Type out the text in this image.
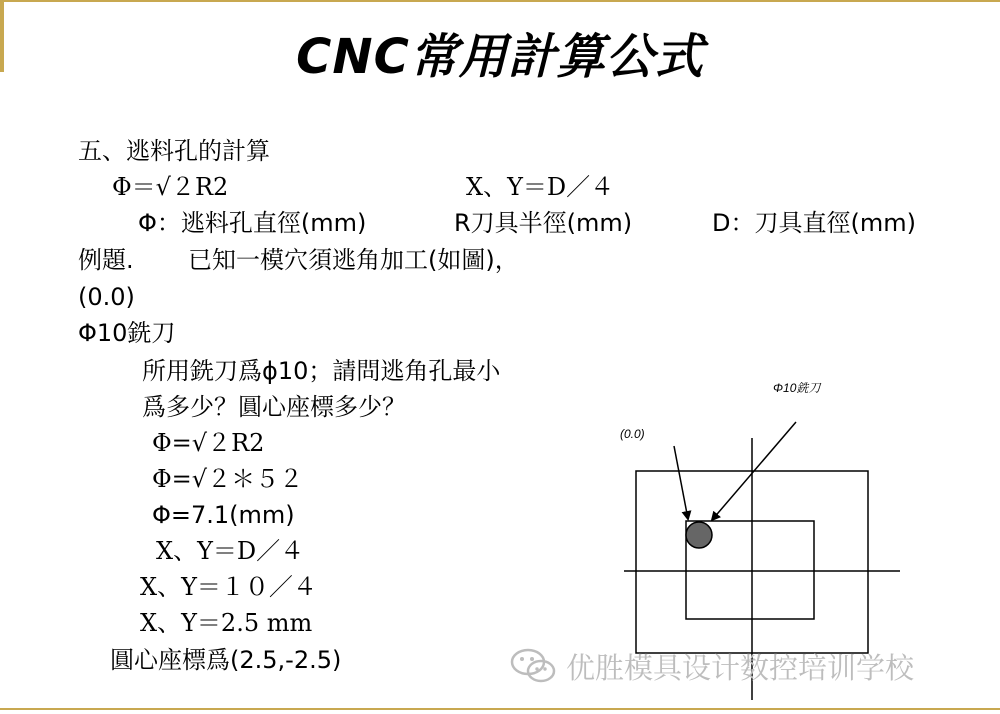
CNC常用計算公式
五、逃料孔的計算
Φ＝√２R2	X、Y＝D／４
Φ：逃料孔直徑(mm)	R刀具半徑(mm)	D：刀具直徑(mm)
例題. 已知一模穴須逃角加工(如圖)，
(0.0)
Φ10銑刀
所用銑刀爲ϕ10；請問逃角孔最小
爲多少？圓心座標多少？
Φ=√２R2
Φ=√２＊５２
Φ=7.1(mm)
X、Y＝D／４
X、Y＝１０／４
X、Y＝2.5 mm
圓心座標爲(2.5,-2.5)
(0.0)
Φ10銑刀
优胜模具设计数控培训学校
